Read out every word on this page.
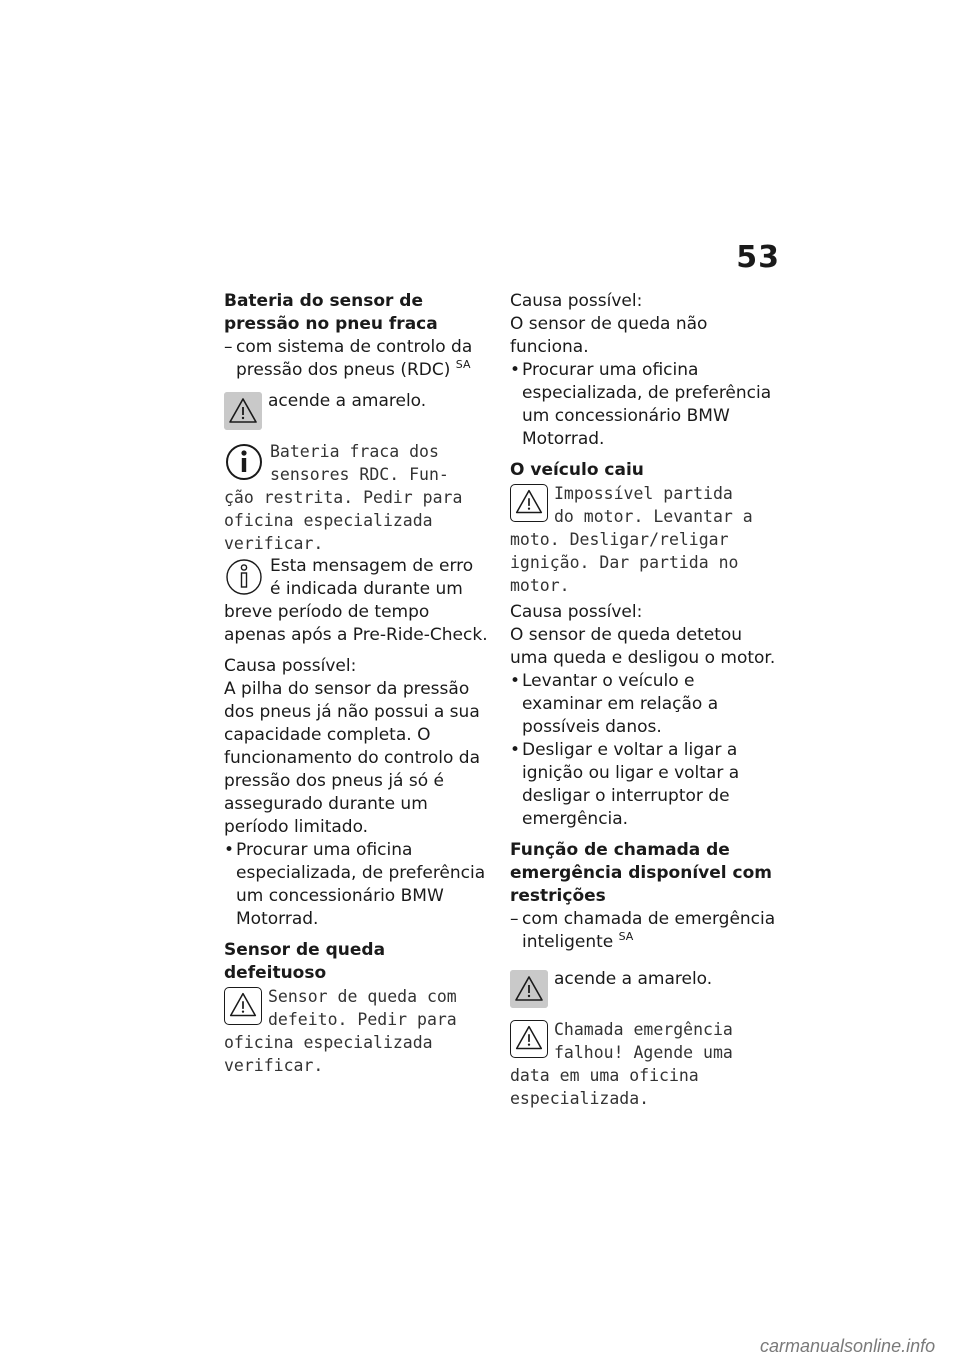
53

Bateria do sensor de pressão no pneu fraca

– com sistema de controlo da pressão dos pneus (RDC) $^{SA}$

acende a amarelo.
Bateria fraca dos
sensores RDC. Fun-
ção restrita. Pedir para oficina especializada verificar.
Esta mensagem de erro
é indicada durante um
breve período de tempo apenas após a Pre-Ride-Check.

Causa possível:

A pilha do sensor da pressão dos pneus já não possui a sua capacidade completa. O funcionamento do controlo da pressão dos pneus já só é assegurado durante um período limitado.

• Procurar uma oficina especializada, de preferência um concessionário BMW Motorrad.

Sensor de queda defeituoso

Sensor de queda com
defeito. Pedir para
oficina especializada verificar.

Causa possível:

O sensor de queda não funciona.

• Procurar uma oficina especializada, de preferência um concessionário BMW Motorrad.

O veículo caiu

Impossível partida
do motor. Levantar a
moto. Desligar/religar ignição. Dar partida no motor.

Causa possível:

O sensor de queda detetou uma queda e desligou o motor.

• Levantar o veículo e examinar em relação a possíveis danos.

• Desligar e voltar a ligar a ignição ou ligar e voltar a desligar o interruptor de emergência.

Função de chamada de emergência disponível com restrições

– com chamada de emergência inteligente $^{SA}$

acende a amarelo.
Chamada emergência
falhou! Agende uma
data em uma oficina especializada.
carmanualsonline.info
